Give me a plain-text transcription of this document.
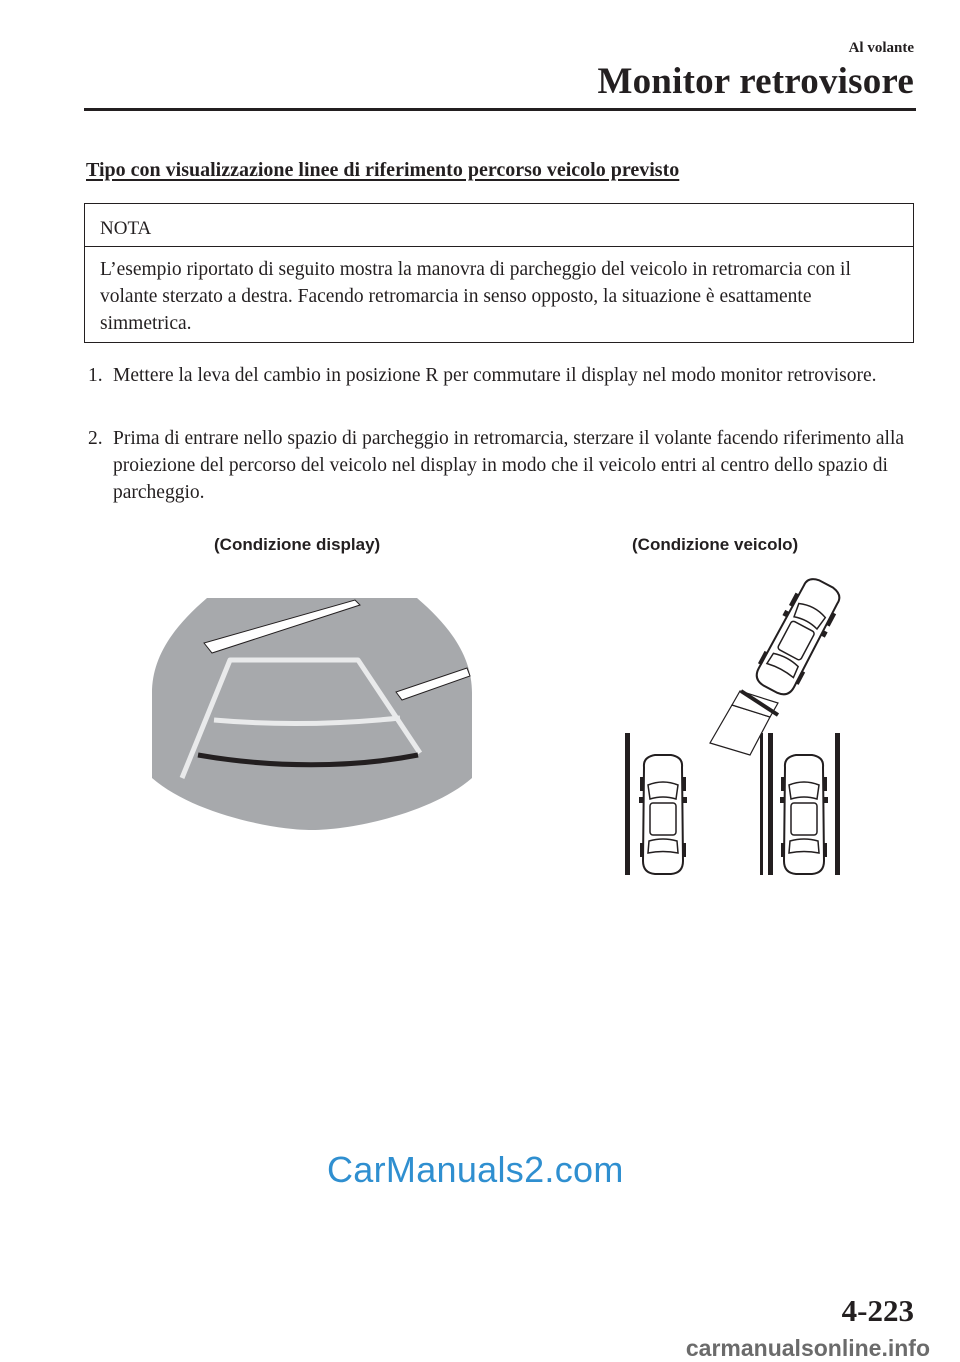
Al volante
Monitor retrovisore
Tipo con visualizzazione linee di riferimento percorso veicolo previsto
NOTA
L’esempio riportato di seguito mostra la manovra di parcheggio del veicolo in retromarcia con il volante sterzato a destra. Facendo retromarcia in senso opposto, la situazione è esattamente simmetrica.
1. Mettere la leva del cambio in posizione R per commutare il display nel modo monitor retrovisore.
2. Prima di entrare nello spazio di parcheggio in retromarcia, sterzare il volante facendo riferimento alla proiezione del percorso del veicolo nel display in modo che il veicolo entri al centro dello spazio di parcheggio.
(Condizione display)	(Condizione veicolo)
Per sicurezza, controllare la zona circostante
CarManuals2.com
4-223
carmanualsonline.info
